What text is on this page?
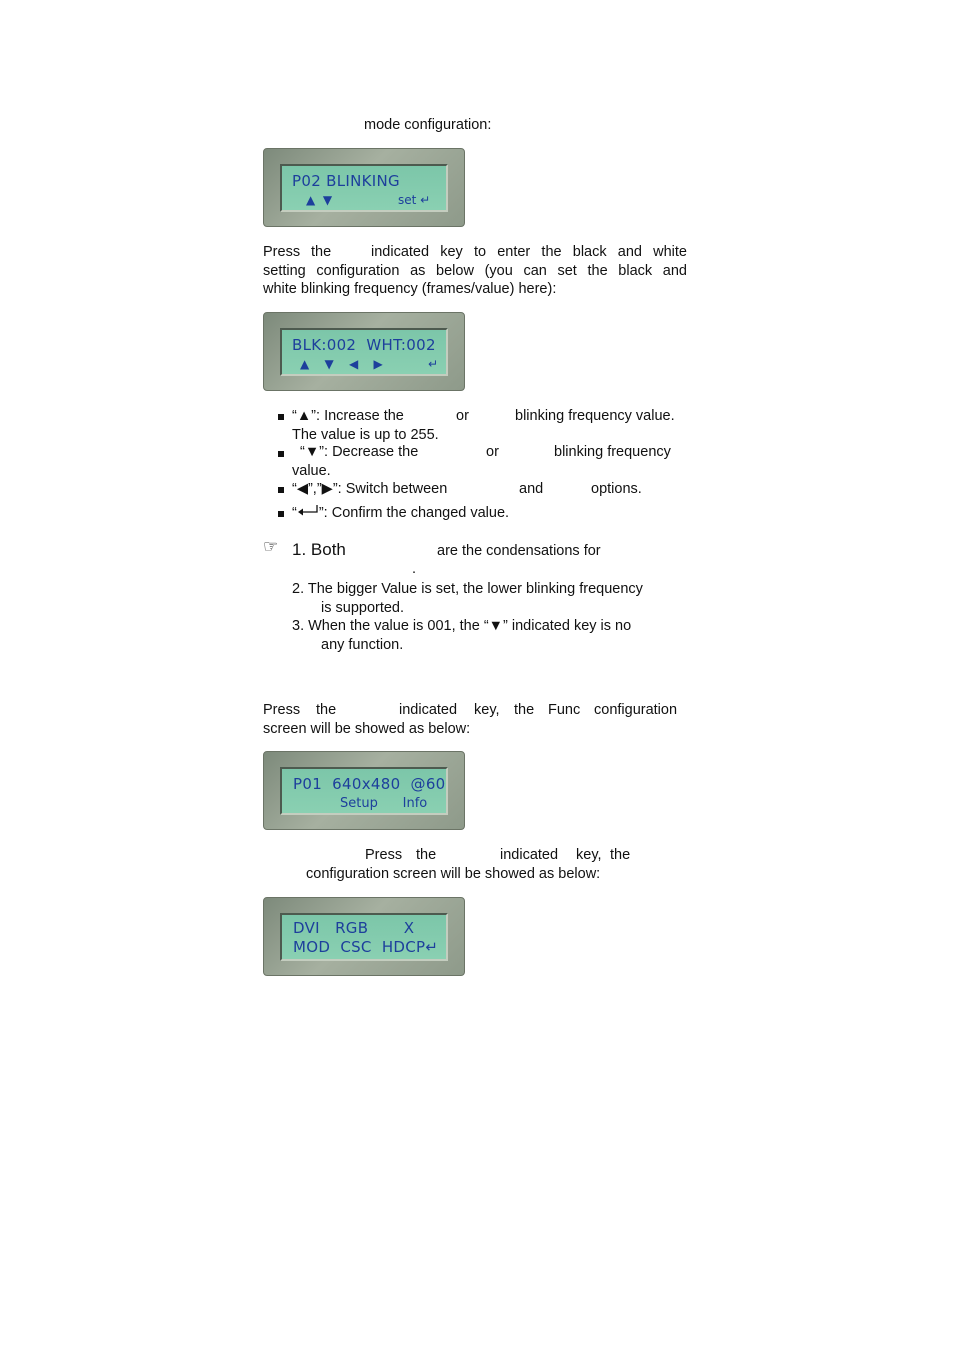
mode configuration:
P02 BLINKING
▲  ▼	set ↵
Press the	indicated key to enter the black and white
setting configuration as below (you can set the black and
white blinking frequency (frames/value) here):
BLK:002  WHT:002
▲    ▼    ◀    ▶	↵
“▲”: Increase the	or	blinking frequency value.
The value is up to 255.
“▼”: Decrease the	or	blinking frequency
value.
“◀”,”▶”: Switch between	and	options.
“ ”: Confirm the changed value.
☞ 1. Both	are the condensations for
.
2. The bigger Value is set, the lower blinking frequency
is supported.
3. When the value is 001, the “▼” indicated key is no
any function.
Press the	indicated key, the Func configuration
screen will be showed as below:
P01  640x480  @60
Setup      Info
Press the	indicated key, the
configuration screen will be showed as below:
DVI   RGB       X
MOD  CSC  HDCP↵
